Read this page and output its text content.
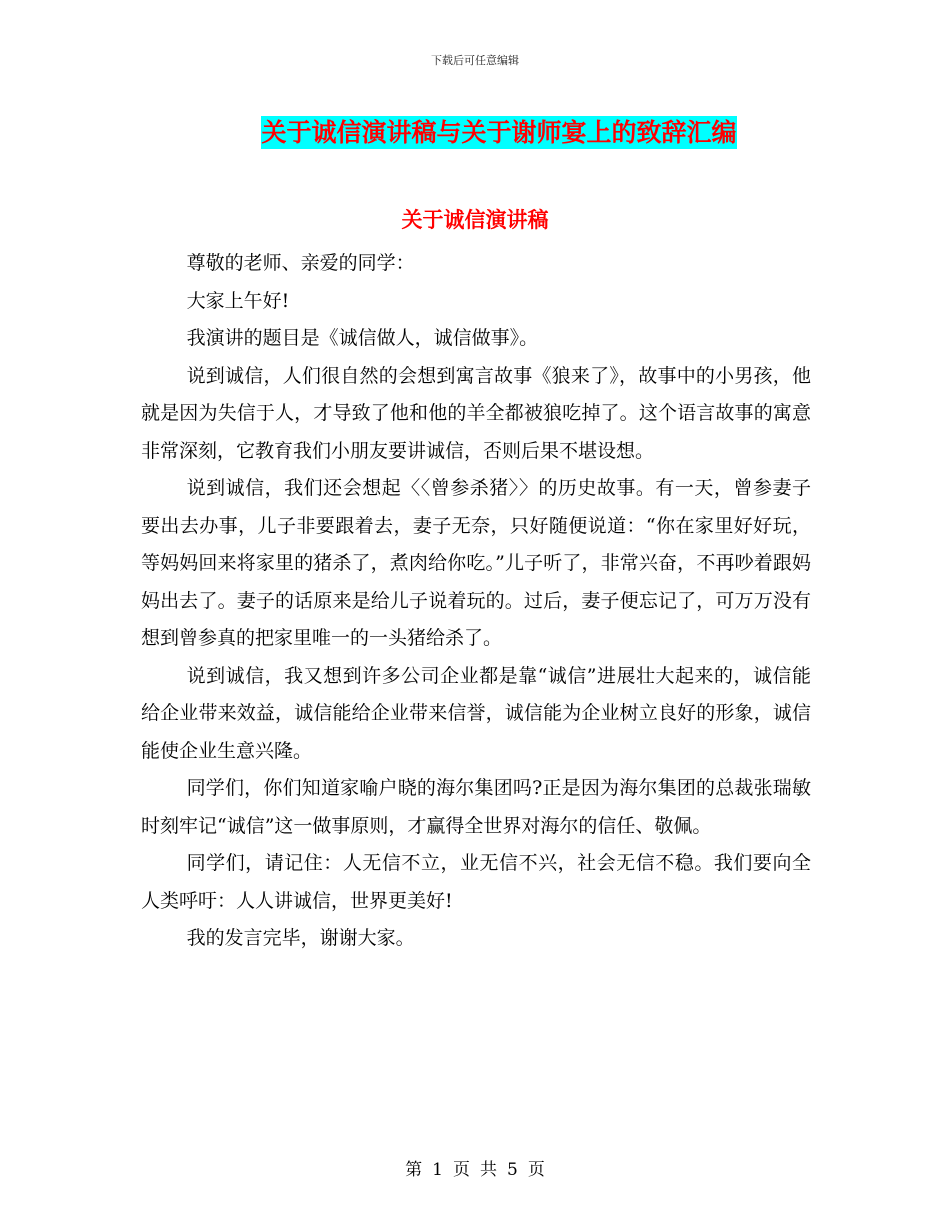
下载后可任意编辑
关于诚信演讲稿与关于谢师宴上的致辞汇编
关于诚信演讲稿

尊敬的老师、亲爱的同学：

大家上午好!

我演讲的题目是《诚信做人，诚信做事》。

说到诚信，人们很自然的会想到寓言故事《狼来了》，故事中的小男孩，他就是因为失信于人，才导致了他和他的羊全都被狼吃掉了。这个语言故事的寓意非常深刻，它教育我们小朋友要讲诚信，否则后果不堪设想。

说到诚信，我们还会想起〈〈曾参杀猪〉〉的历史故事。有一天，曾参妻子要出去办事，儿子非要跟着去，妻子无奈，只好随便说道：“你在家里好好玩，等妈妈回来将家里的猪杀了，煮肉给你吃。”儿子听了，非常兴奋，不再吵着跟妈妈出去了。妻子的话原来是给儿子说着玩的。过后，妻子便忘记了，可万万没有想到曾参真的把家里唯一的一头猪给杀了。

说到诚信，我又想到许多公司企业都是靠“诚信”进展壮大起来的，诚信能给企业带来效益，诚信能给企业带来信誉，诚信能为企业树立良好的形象，诚信能使企业生意兴隆。

同学们，你们知道家喻户晓的海尔集团吗?正是因为海尔集团的总裁张瑞敏时刻牢记“诚信”这一做事原则，才赢得全世界对海尔的信任、敬佩。

同学们，请记住：人无信不立，业无信不兴，社会无信不稳。我们要向全人类呼吁：人人讲诚信，世界更美好!

我的发言完毕，谢谢大家。

第 1 页 共 5 页
